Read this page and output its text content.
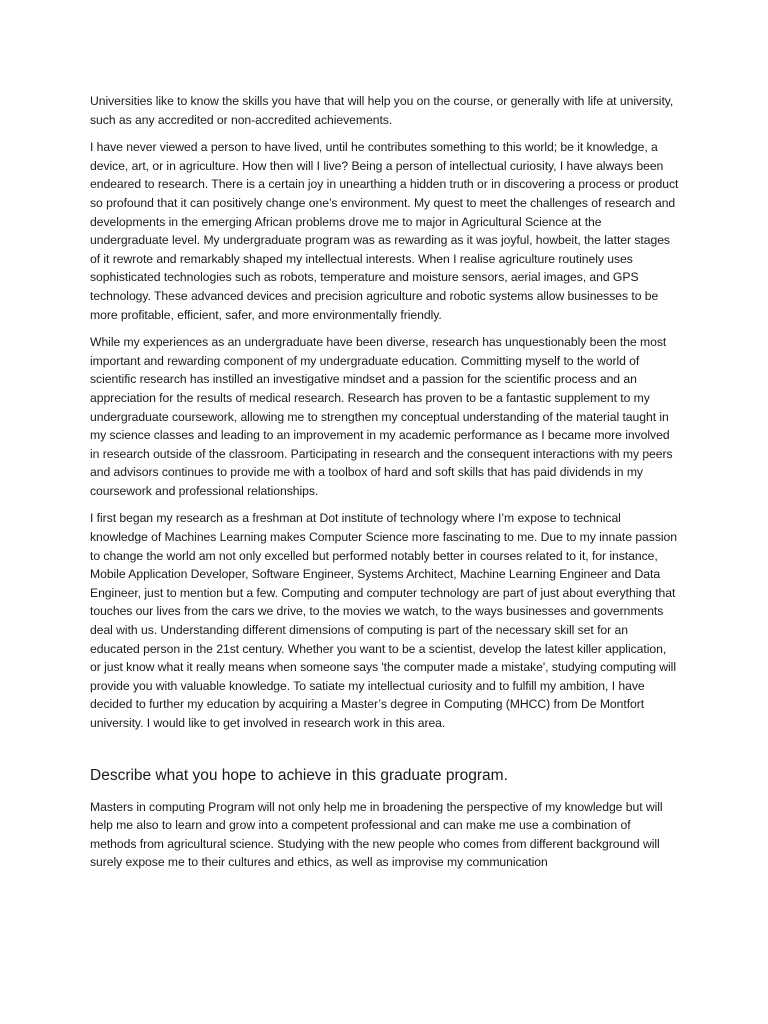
Universities like to know the skills you have that will help you on the course, or generally with life at university, such as any accredited or non-accredited achievements.

I have never viewed a person to have lived, until he contributes something to this world; be it knowledge, a device, art, or in agriculture. How then will I live? Being a person of intellectual curiosity, I have always been endeared to research. There is a certain joy in unearthing a hidden truth or in discovering a process or product so profound that it can positively change one’s environment. My quest to meet the challenges of research and developments in the emerging African problems drove me to major in Agricultural Science at the undergraduate level. My undergraduate program was as rewarding as it was joyful, howbeit, the latter stages of it rewrote and remarkably shaped my intellectual interests. When I realise agriculture routinely uses sophisticated technologies such as robots, temperature and moisture sensors, aerial images, and GPS technology. These advanced devices and precision agriculture and robotic systems allow businesses to be more profitable, efficient, safer, and more environmentally friendly.

While my experiences as an undergraduate have been diverse, research has unquestionably been the most important and rewarding component of my undergraduate education. Committing myself to the world of scientific research has instilled an investigative mindset and a passion for the scientific process and an appreciation for the results of medical research. Research has proven to be a fantastic supplement to my undergraduate coursework, allowing me to strengthen my conceptual understanding of the material taught in my science classes and leading to an improvement in my academic performance as I became more involved in research outside of the classroom. Participating in research and the consequent interactions with my peers and advisors continues to provide me with a toolbox of hard and soft skills that has paid dividends in my coursework and professional relationships.

I first began my research as a freshman at Dot institute of technology where I’m expose to technical knowledge of Machines Learning makes Computer Science more fascinating to me. Due to my innate passion to change the world am not only excelled but performed notably better in courses related to it, for instance, Mobile Application Developer, Software Engineer, Systems Architect, Machine Learning Engineer and Data Engineer, just to mention but a few. Computing and computer technology are part of just about everything that touches our lives from the cars we drive, to the movies we watch, to the ways businesses and governments deal with us. Understanding different dimensions of computing is part of the necessary skill set for an educated person in the 21st century. Whether you want to be a scientist, develop the latest killer application, or just know what it really means when someone says 'the computer made a mistake', studying computing will provide you with valuable knowledge. To satiate my intellectual curiosity and to fulfill my ambition, I have decided to further my education by acquiring a Master’s degree in Computing (MHCC) from De Montfort university. I would like to get involved in research work in this area.

Describe what you hope to achieve in this graduate program.

Masters in computing Program will not only help me in broadening the perspective of my knowledge but will help me also to learn and grow into a competent professional and can make me use a combination of methods from agricultural science. Studying with the new people who comes from different background will surely expose me to their cultures and ethics, as well as improvise my communication
